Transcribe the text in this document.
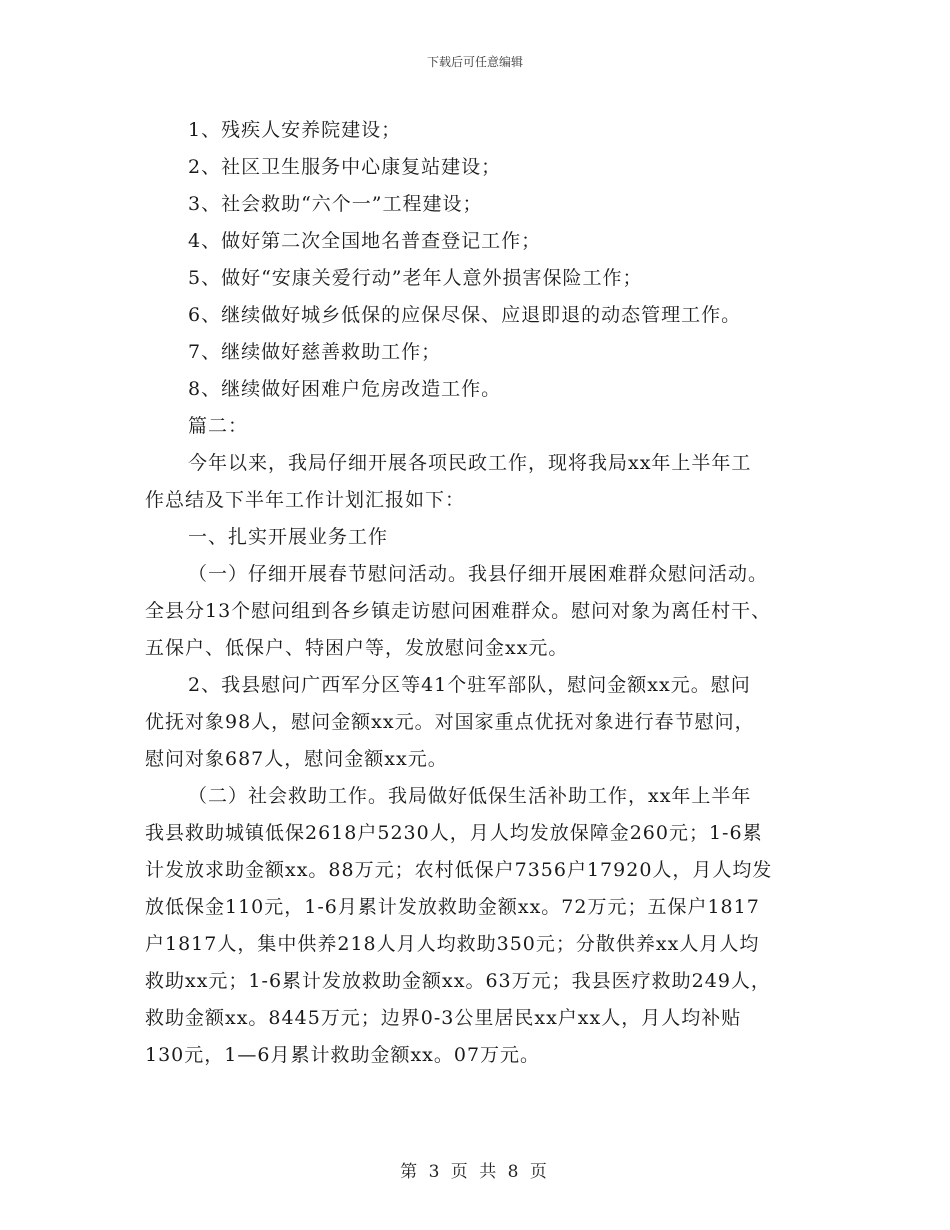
下载后可任意编辑
1、残疾人安养院建设；
2、社区卫生服务中心康复站建设；
3、社会救助“六个一”工程建设；
4、做好第二次全国地名普查登记工作；
5、做好“安康关爱行动”老年人意外损害保险工作；
6、继续做好城乡低保的应保尽保、应退即退的动态管理工作。
7、继续做好慈善救助工作；
8、继续做好困难户危房改造工作。
篇二：
今年以来，我局仔细开展各项民政工作，现将我局xx年上半年工
作总结及下半年工作计划汇报如下：
一、扎实开展业务工作
（一）仔细开展春节慰问活动。我县仔细开展困难群众慰问活动。
全县分13个慰问组到各乡镇走访慰问困难群众。慰问对象为离任村干、
五保户、低保户、特困户等，发放慰问金xx元。
2、我县慰问广西军分区等41个驻军部队，慰问金额xx元。慰问
优抚对象98人，慰问金额xx元。对国家重点优抚对象进行春节慰问，
慰问对象687人，慰问金额xx元。
（二）社会救助工作。我局做好低保生活补助工作，xx年上半年
我县救助城镇低保2618户5230人，月人均发放保障金260元；1-6累
计发放求助金额xx。88万元；农村低保户7356户17920人，月人均发
放低保金110元，1-6月累计发放救助金额xx。72万元；五保户1817
户1817人，集中供养218人月人均救助350元；分散供养xx人月人均
救助xx元；1-6累计发放救助金额xx。63万元；我县医疗救助249人，
救助金额xx。8445万元；边界0-3公里居民xx户xx人，月人均补贴
130元，1—6月累计救助金额xx。07万元。
第 3 页 共 8 页
